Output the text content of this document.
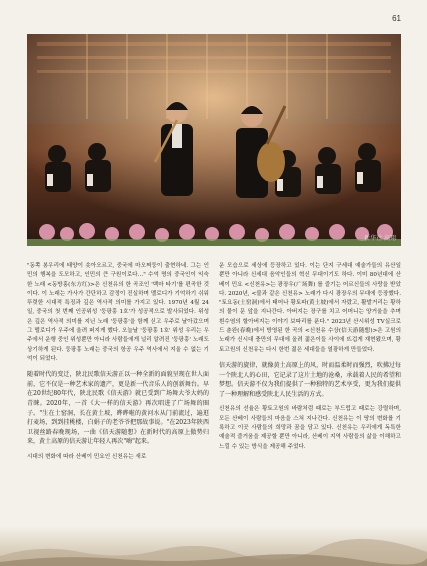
61
新华社 高翔

"동쪽 봉우리에 태양이 솟아오르고, 중국에 마오쩌둥이 출현하네. 그는 인민의 행복을 도모하고, 인민의 큰 구원이로다…" 수억 명의 중국인이 익숙한 노래 <동방홍(东方红)>은 신천유의 한 곡조인 '백마 타기'를 편곡한 것이다. 이 노래는 가사가 간단하고 감정이 진실하며 멜로디가 기억하기 쉬워 뚜렷한 시대적 특징과 깊은 역사적 의미를 가지고 있다. 1970년 4월 24일, 중국의 첫 번째 인공위성 '둥팡훙 1호'가 성공적으로 발사되었다. 위성은 깊은 역사적 의미를 지닌 노래 '둥팡훙'을 함께 싣고 우주로 날아갔으며 그 멜로디가 우주에 울려 퍼지게 했다. 오늘날 '둥팡훙 1호' 위성 우리는 우주에서 운행 중인 위성뿐만 아니라 사람들에게 널리 알려진 '둥팡훙' 노래도 상기하게 된다. 둥팡훙 노래는 중국의 항공 우주 역사에서 지울 수 없는 기억이 되었다.

随着时代的变迁，陕北民歌信天游正以一种全新的面貌呈现在世人面前，它不仅是一种艺术家的遗产，更是新一代音乐人的创新舞台。早在20世纪80年代，陕北民歌《信天游》就已受到广场舞大爷大妈的青睐。2020年，一首《大一样的信天游》再次唱进了广场舞的圈子。"生在土窑洞，长在黄土坡，晔晔啦的黄河水从门前流过，遍逛打麦场，到到挂桃楼，白娟子的老爷爷把那故事说。"在2023年陕西卫视丝路春晚现场，一曲《信天游随想》在新时代的高原上傲势归来，黄土高原的信天游让年轻人再次"嗨"起来。

시대의 변화에 따라 산베이 민요인 신천유는 새로

운 모습으로 세상에 등장하고 있다. 이는 단지 구세대 예술가들의 유산일 뿐만 아니라 신세대 음악인들의 혁신 무대이기도 하다. 이미 80년대에 산베이 민요 <신천유>는 광장우(广场舞) 를 즐기는 어르신들의 사랑을 받았다. 2020년, <불과 같은 신천유> 노래가 다시 광장우의 무대에 등장했다. "토요동(土窑洞)에서 태어나 황토파(黄土坡)에서 자랐고, 활발거리는 황하의 물이 문 앞을 지나간다. 아버지는 장구를 치고 어머니는 양거울을 추며 흰수염의 할아버지는 이야기 보따리를 푼다." 2023년 산시위성 TV실크로드 춘완(春晚)에서 방영된 한 곡의 <신천유 수상(信天游随想)>은 고원의 노래가 신시대 충만의 무대에 올려 젊은이들 사이에 뜨겁게 재현됐으며, 황토고원의 신천유는 다시 한번 젊은 세대들을 열광하게 만들었다.

信天游的旋律，就像黄土高原上的风，时而温柔时而强烈，吹拂过每一个陕北人的心田，它记录了这片土地的沧桑，承载着人民的希望和梦想。信天游不仅为我们提供了一种独特的艺术享受，更为我们提供了一种理解和感受陕北人民生活的方式。

신천유의 선율은 황토고원의 바람처럼 때로는 부드럽고 때로는 강렬하며, 모든 산베이 사람들의 마음을 스쳐 지나간다. 신천유는 이 땅의 변화를 기록하고 이곳 사람들의 희망과 꿈을 담고 있다. 신천유는 우리에게 독특한 예술적 즐거움을 제공할 뿐만 아니라, 산베이 지역 사람들의 삶을 이해하고 느낄 수 있는 방식을 제공해 주었다.
